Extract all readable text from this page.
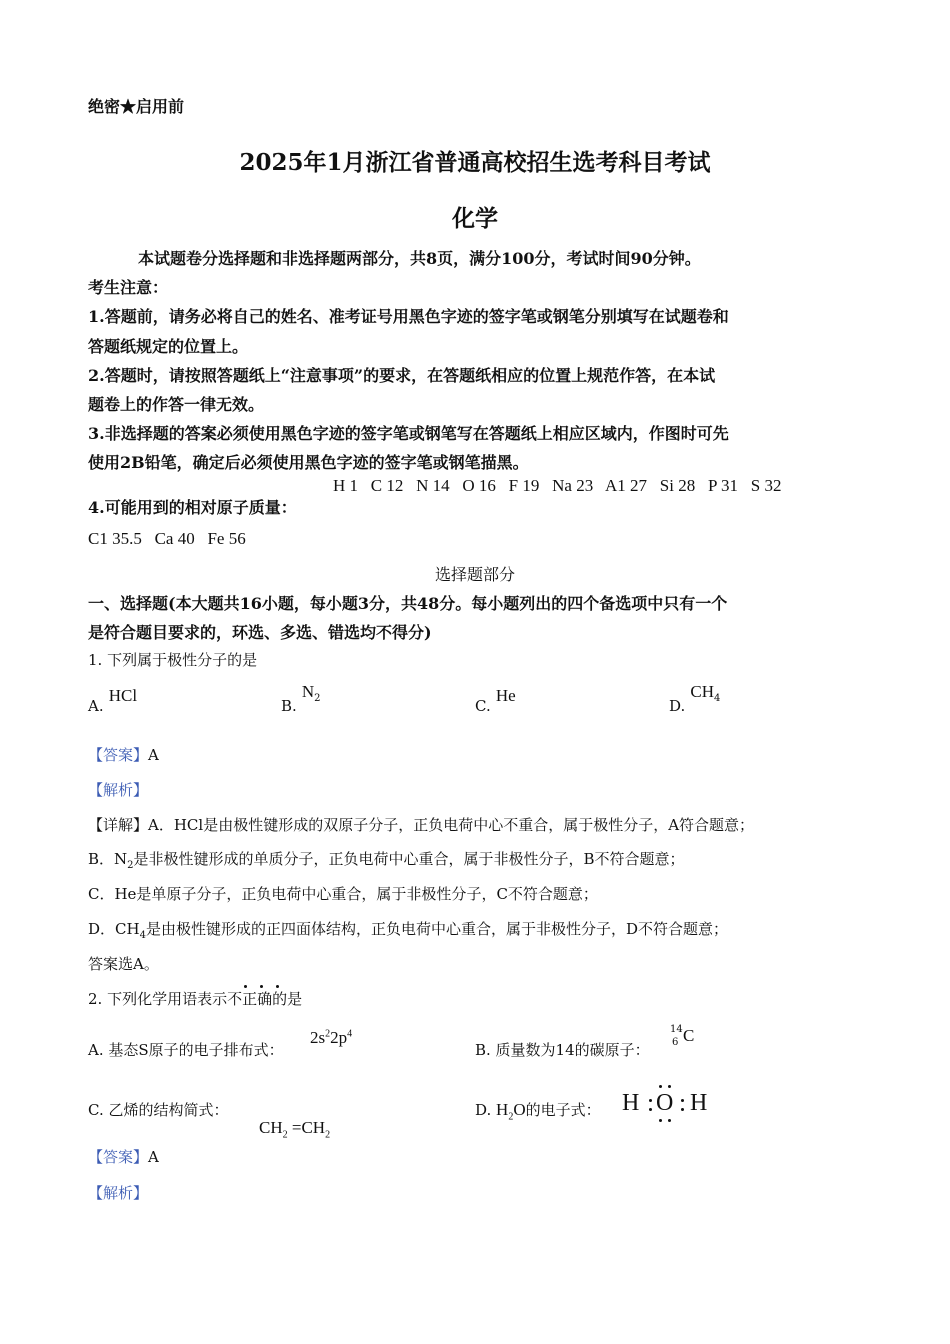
绝密★启用前
2025年1月浙江省普通高校招生选考科目考试
化学
本试题卷分选择题和非选择题两部分，共8页，满分100分，考试时间90分钟。
考生注意：
1.答题前，请务必将自己的姓名、准考证号用黑色字迹的签字笔或钢笔分别填写在试题卷和
答题纸规定的位置上。
2.答题时，请按照答题纸上“注意事项”的要求，在答题纸相应的位置上规范作答，在本试
题卷上的作答一律无效。
3.非选择题的答案必须使用黑色字迹的签字笔或钢笔写在答题纸上相应区域内，作图时可先
使用2B铅笔，确定后必须使用黑色字迹的签字笔或钢笔描黑。
4.可能用到的相对原子质量：
H 1   C 12   N 14   O 16   F 19   Na 23   A1 27   Si 28   P 31   S 32
C1 35.5   Ca 40   Fe 56
选择题部分
一、选择题(本大题共16小题，每小题3分，共48分。每小题列出的四个备选项中只有一个
是符合题目要求的，环选、多选、错选均不得分)
1. 下列属于极性分子的是
A. HCl
B. $N_2$	C. He
D. $CH_4$
【答案】A
【解析】
【详解】A．HCl是由极性键形成的双原子分子，正负电荷中心不重合，属于极性分子，A符合题意；
B．$N_2$是非极性键形成的单质分子，正负电荷中心重合，属于非极性分子，B不符合题意；
C．He是单原子分子，正负电荷中心重合，属于非极性分子，C不符合题意；
D．$CH_4$是由极性键形成的正四面体结构，正负电荷中心重合，属于非极性分子，D不符合题意；
答案选A。
2. 下列化学用语表示不正确的是
A. 基态S原子的电子排布式：
$2s^22p^4$
B. 质量数为14的碳原子：
14
6 C
C. 乙烯的结构简式：

$CH_2 =CH_2$

D. $H_2O$的电子式： H O H
【答案】A
【解析】
